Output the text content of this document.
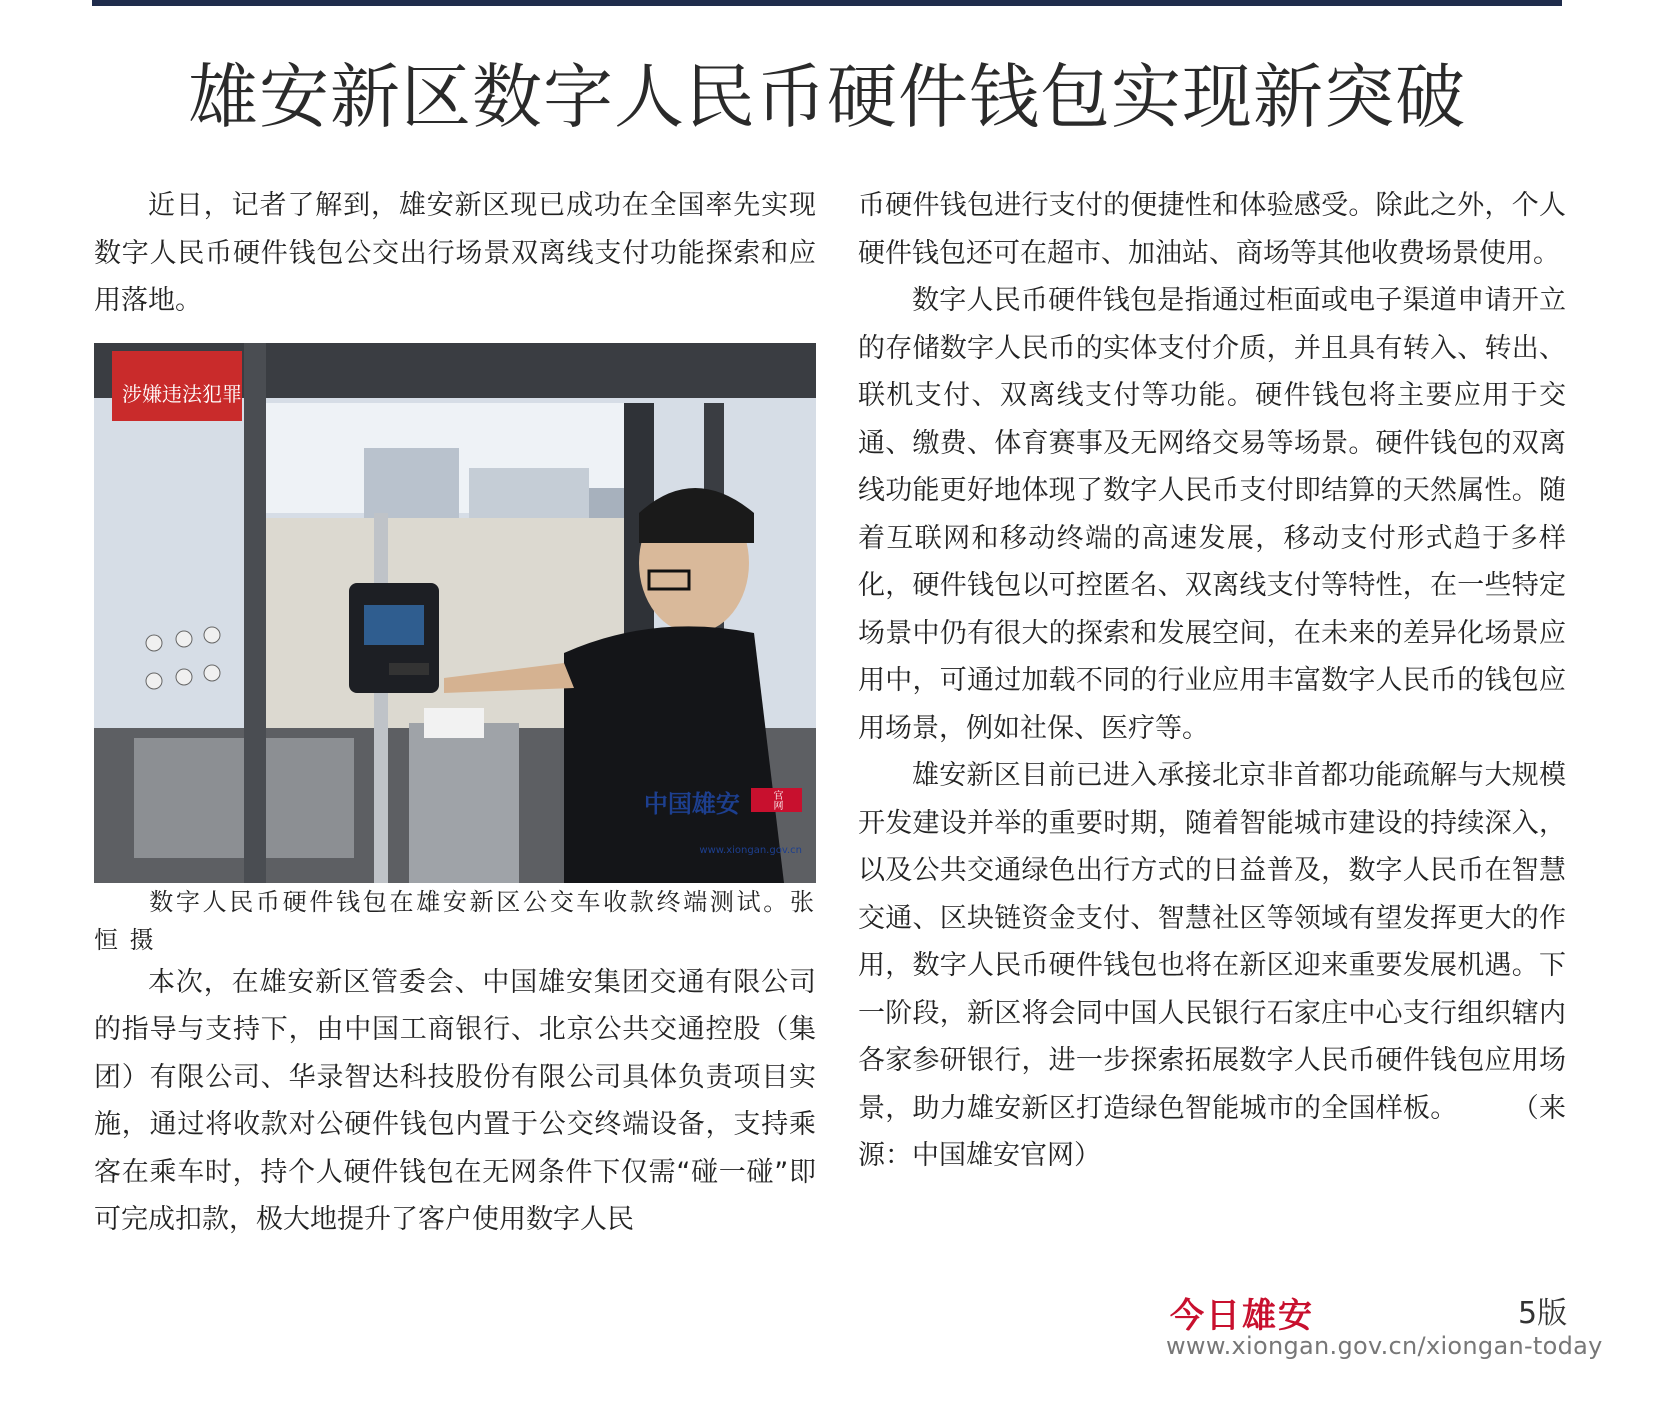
雄安新区数字人民币硬件钱包实现新突破

近日，记者了解到，雄安新区现已成功在全国率先实现数字人民币硬件钱包公交出行场景双离线支付功能探索和应用落地。

涉嫌违法犯罪
中国雄安	官网
www.xiongan.gov.cn

数字人民币硬件钱包在雄安新区公交车收款终端测试。张恒 摄

本次，在雄安新区管委会、中国雄安集团交通有限公司的指导与支持下，由中国工商银行、北京公共交通控股（集团）有限公司、华录智达科技股份有限公司具体负责项目实施，通过将收款对公硬件钱包内置于公交终端设备，支持乘客在乘车时，持个人硬件钱包在无网条件下仅需“碰一碰”即可完成扣款，极大地提升了客户使用数字人民

币硬件钱包进行支付的便捷性和体验感受。除此之外，个人硬件钱包还可在超市、加油站、商场等其他收费场景使用。

数字人民币硬件钱包是指通过柜面或电子渠道申请开立的存储数字人民币的实体支付介质，并且具有转入、转出、联机支付、双离线支付等功能。硬件钱包将主要应用于交通、缴费、体育赛事及无网络交易等场景。硬件钱包的双离线功能更好地体现了数字人民币支付即结算的天然属性。随着互联网和移动终端的高速发展，移动支付形式趋于多样化，硬件钱包以可控匿名、双离线支付等特性，在一些特定场景中仍有很大的探索和发展空间，在未来的差异化场景应用中，可通过加载不同的行业应用丰富数字人民币的钱包应用场景，例如社保、医疗等。

雄安新区目前已进入承接北京非首都功能疏解与大规模开发建设并举的重要时期，随着智能城市建设的持续深入，以及公共交通绿色出行方式的日益普及，数字人民币在智慧交通、区块链资金支付、智慧社区等领域有望发挥更大的作用，数字人民币硬件钱包也将在新区迎来重要发展机遇。下一阶段，新区将会同中国人民银行石家庄中心支行组织辖内各家参研银行，进一步探索拓展数字人民币硬件钱包应用场景，助力雄安新区打造绿色智能城市的全国样板。 （来源：中国雄安官网）

今日雄安	5版
www.xiongan.gov.cn/xiongan-today
